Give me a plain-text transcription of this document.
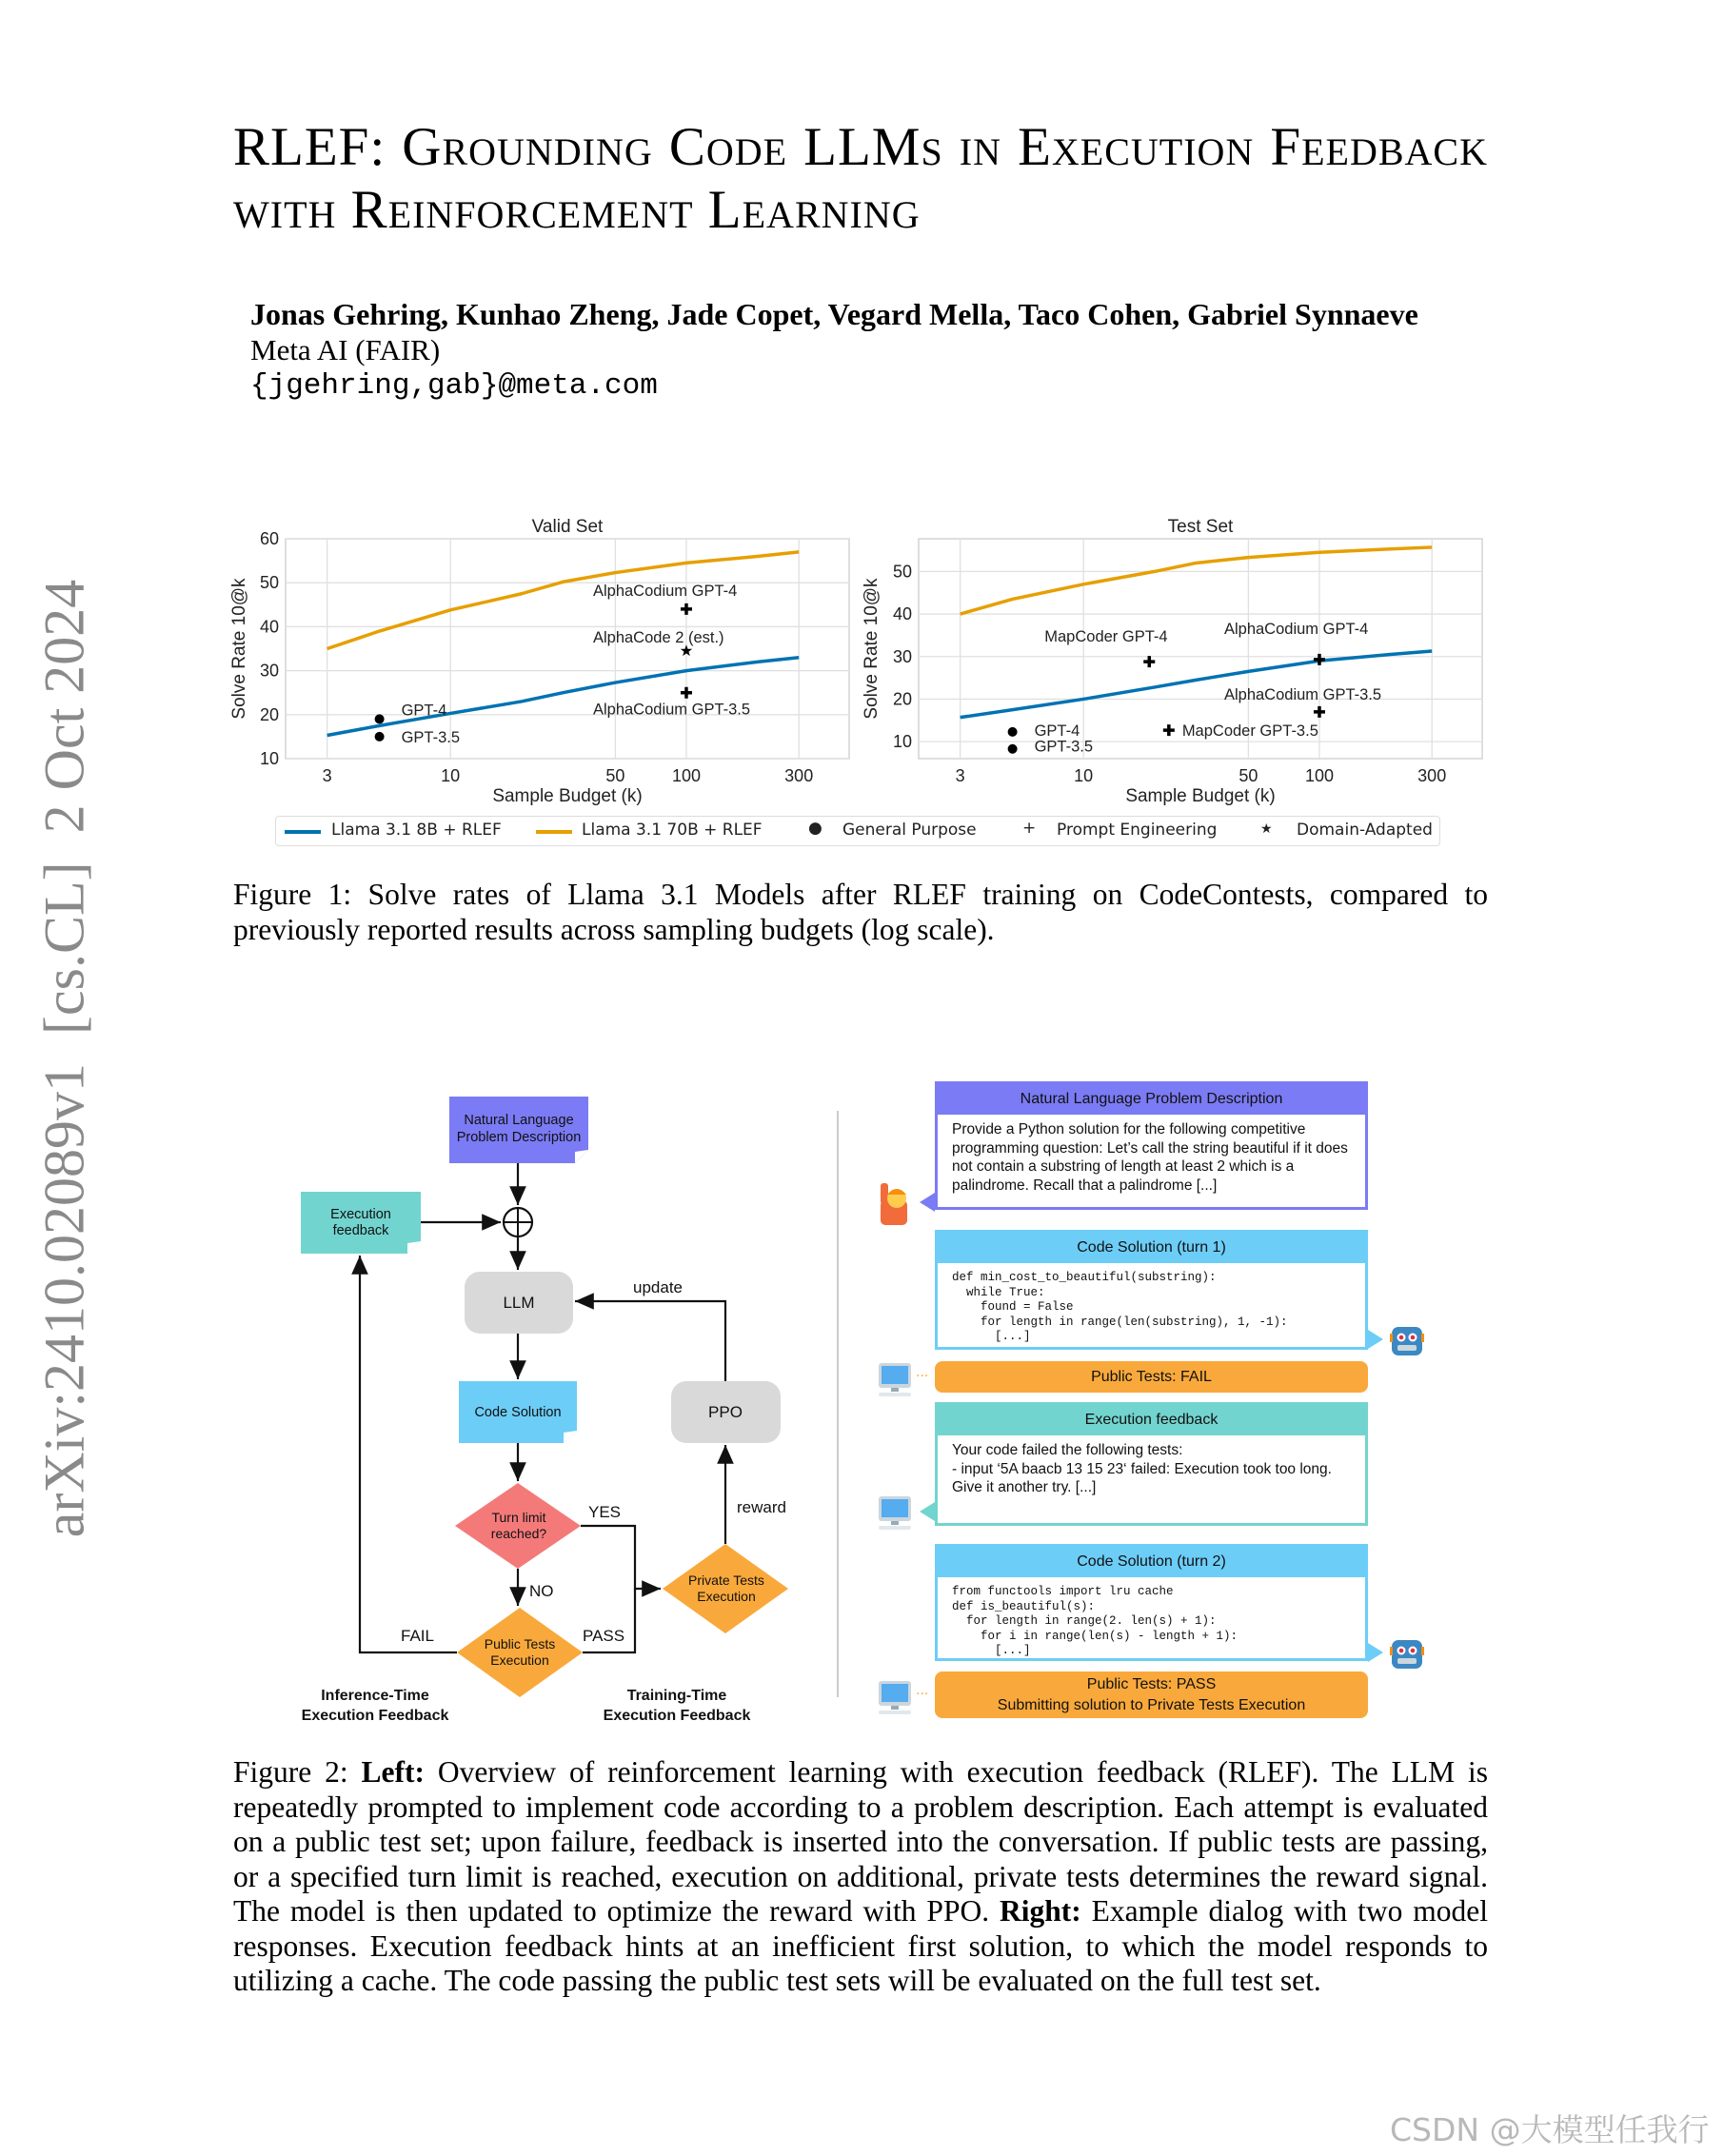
RLEF: Grounding Code LLMs in Execution Feedback with Reinforcement Learning
Jonas Gehring, Kunhao Zheng, Jade Copet, Vegard Mella, Taco Cohen, Gabriel Synnaeve
Meta AI (FAIR)
{jgehring,gab}@meta.com
arXiv:2410.02089v1  [cs.CL]  2 Oct 2024	3	10	50	100	300
10
20
30
40
50
60
Valid Set
Sample Budget (k)
Solve Rate 10@k	GPT-4
GPT-3.5
AlphaCodium GPT-4
AlphaCode 2 (est.)
AlphaCodium GPT-3.5
3	10	50	100	300
10
20
30
40
50
Test Set
Sample Budget (k)
Solve Rate 10@k
GPT-4
GPT-3.5
MapCoder GPT-4
MapCoder GPT-3.5
AlphaCodium GPT-4
AlphaCodium GPT-3.5
Llama 3.1 8B + RLEF	Llama 3.1 70B + RLEF	● General Purpose	+ Prompt Engineering	★ Domain-Adapted
Figure 1: Solve rates of Llama 3.1 Models after RLEF training on CodeContests, compared to previously reported results across sampling budgets (log scale).
Natural Language
Problem Description
Execution
feedback
LLM
Code Solution	PPO
Turn limit
reached?
Public Tests
Execution
Private Tests
Execution
YES
NO
FAIL	PASS
reward
update
Inference-Time
Execution Feedback
Training-Time
Execution Feedback
Natural Language Problem Description
Provide a Python solution for the following competitive programming question: Let’s call the string beautiful if it does not contain a substring of length at least 2 which is a palindrome. Recall that a palindrome [...]
Code Solution (turn 1)
def min_cost_to_beautiful(substring):
while True:
found = False
for length in range(len(substring), 1, -1):
[...]
Public Tests: FAIL
···
Execution feedback
Your code failed the following tests:
- input ‘5A baacb 13 15 23‘ failed: Execution took too long.
Give it another try. [...]
Code Solution (turn 2)
from functools import lru cache
def is_beautiful(s):
for length in range(2. len(s) + 1):
for i in range(len(s) - length + 1):
[...]
Public Tests: PASS
Submitting solution to Private Tests Execution
···
Figure 2: Left: Overview of reinforcement learning with execution feedback (RLEF). The LLM is repeatedly prompted to implement code according to a problem description. Each attempt is evaluated on a public test set; upon failure, feedback is inserted into the conversation. If public tests are passing, or a specified turn limit is reached, execution on additional, private tests determines the reward signal. The model is then updated to optimize the reward with PPO. Right: Example dialog with two model responses. Execution feedback hints at an inefficient first solution, to which the model responds to utilizing a cache. The code passing the public test sets will be evaluated on the full test set.
CSDN @大模型任我行
